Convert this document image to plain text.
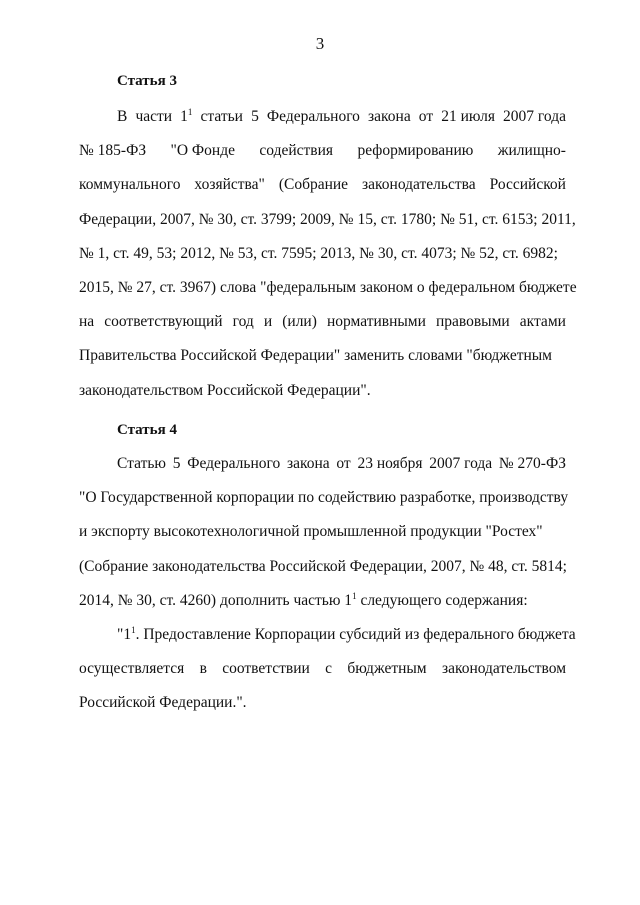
3
Статья 3
В части $1^1$ статьи 5 Федерального закона от 21 июля 2007 года
№ 185-ФЗ "О Фонде содействия реформированию жилищно-
коммунального хозяйства" (Собрание законодательства Российской
Федерации, 2007, № 30, ст. 3799; 2009, № 15, ст. 1780; № 51, ст. 6153; 2011,
№ 1, ст. 49, 53; 2012, № 53, ст. 7595; 2013, № 30, ст. 4073; № 52, ст. 6982;
2015, № 27, ст. 3967) слова "федеральным законом о федеральном бюджете
на соответствующий год и (или) нормативными правовыми актами
Правительства Российской Федерации" заменить словами "бюджетным
законодательством Российской Федерации".
Статья 4
Статью 5 Федерального закона от 23 ноября 2007 года № 270-ФЗ
"О Государственной корпорации по содействию разработке, производству
и экспорту высокотехнологичной промышленной продукции "Ростех"
(Собрание законодательства Российской Федерации, 2007, № 48, ст. 5814;
2014, № 30, ст. 4260) дополнить частью $1^1$ следующего содержания:
"$1^1$. Предоставление Корпорации субсидий из федерального бюджета
осуществляется в соответствии с бюджетным законодательством
Российской Федерации.".
